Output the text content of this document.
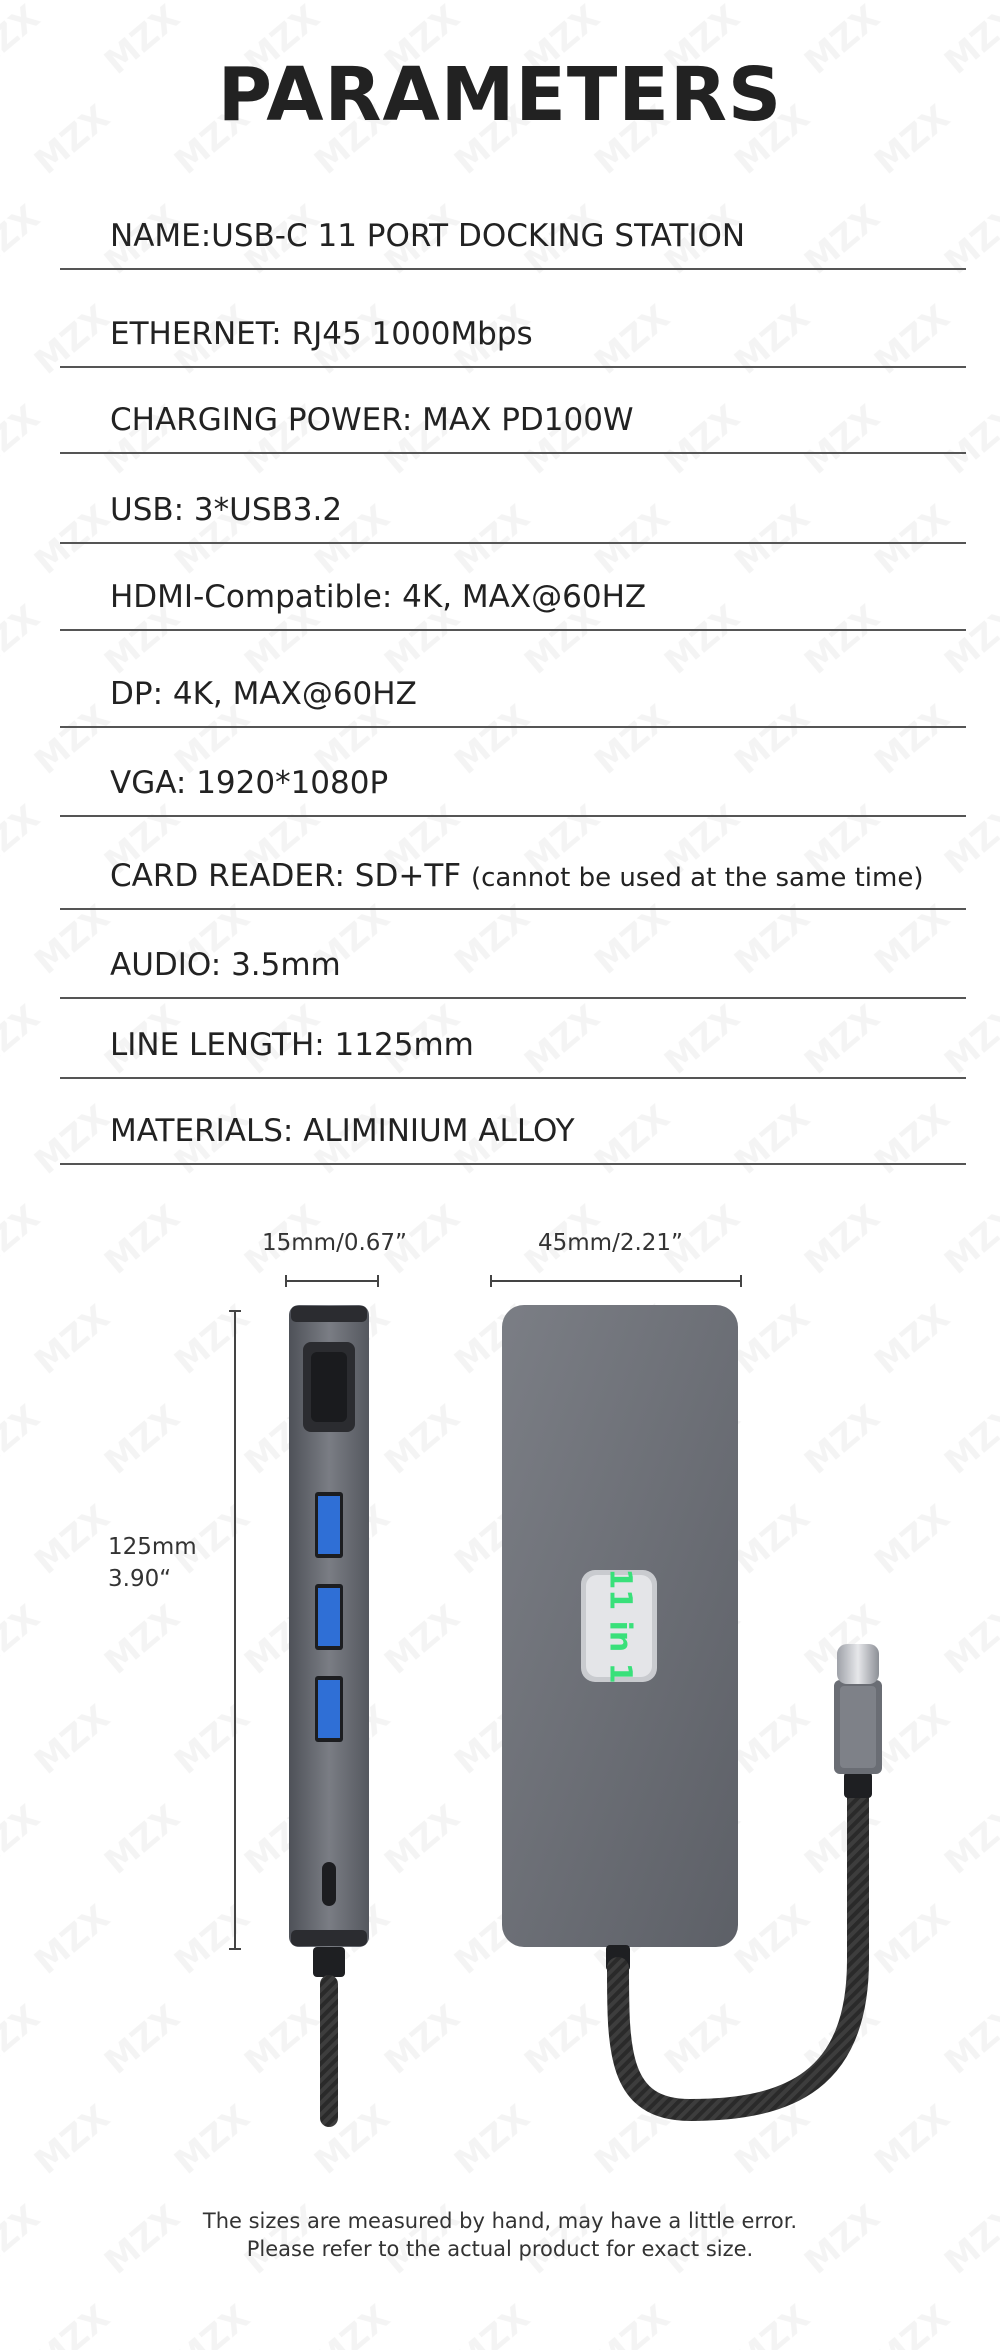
PARAMETERS
NAME:USB-C 11 PORT DOCKING STATION
ETHERNET: RJ45 1000Mbps
CHARGING POWER: MAX PD100W
USB: 3*USB3.2
HDMI-Compatible: 4K, MAX@60HZ
DP: 4K, MAX@60HZ
VGA: 1920*1080P
CARD READER: SD+TF (cannot be used at the same time)
AUDIO: 3.5mm
LINE LENGTH: 1125mm
MATERIALS: ALIMINIUM ALLOY
15mm/0.67”	45mm/2.21”
125mm
3.90“	11 in 1
The sizes are measured by hand, may have a little error.
Please refer to the actual product for exact size.
